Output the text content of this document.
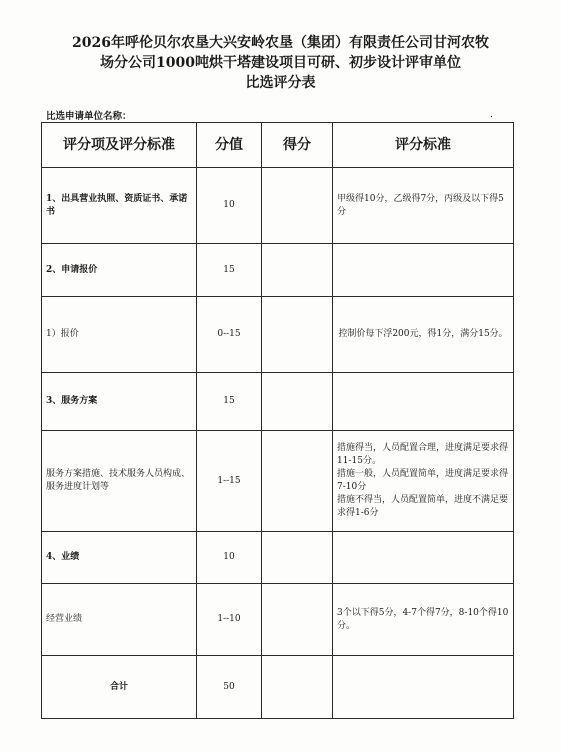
2026年呼伦贝尔农垦大兴安岭农垦（集团）有限责任公司甘河农牧
场分公司1000吨烘干塔建设项目可研、初步设计评审单位
比选评分表
比选申请单位名称：	.
评分项及评分标准	分值	得分	评分标准
1、出具营业执照、资质证书、承诺书	10		甲级得10分，乙级得7分，丙级及以下得5分

2、申请报价	15		
1）报价	0--15		控制价每下浮200元，得1分，满分15分。

3、服务方案	15		
服务方案措施、技术服务人员构成、服务进度计划等	1--15		措施得当，人员配置合理，进度满足要求得11-15分。
措施一般，人员配置简单，进度满足要求得7-10分
措施不得当，人员配置简单，进度不满足要求得1-6分

4、业绩	10		
经营业绩	1--10		3个以下得5分，4-7个得7分，8-10个得10分。

合计	50		
